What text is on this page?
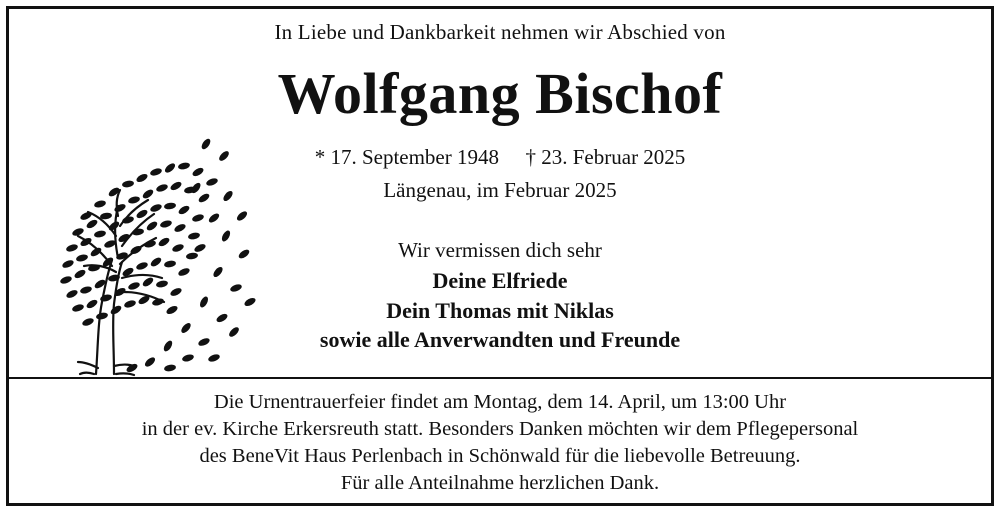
In Liebe und Dankbarkeit nehmen wir Abschied von
Wolfgang Bischof
* 17. September 1948 † 23. Februar 2025
Längenau, im Februar 2025
Wir vermissen dich sehr
Deine Elfriede
Dein Thomas mit Niklas
sowie alle Anverwandten und Freunde
Die Urnentrauerfeier findet am Montag, dem 14. April, um 13:00 Uhr
in der ev. Kirche Erkersreuth statt. Besonders Danken möchten wir dem Pflegepersonal
des BeneVit Haus Perlenbach in Schönwald für die liebevolle Betreuung.
Für alle Anteilnahme herzlichen Dank.
